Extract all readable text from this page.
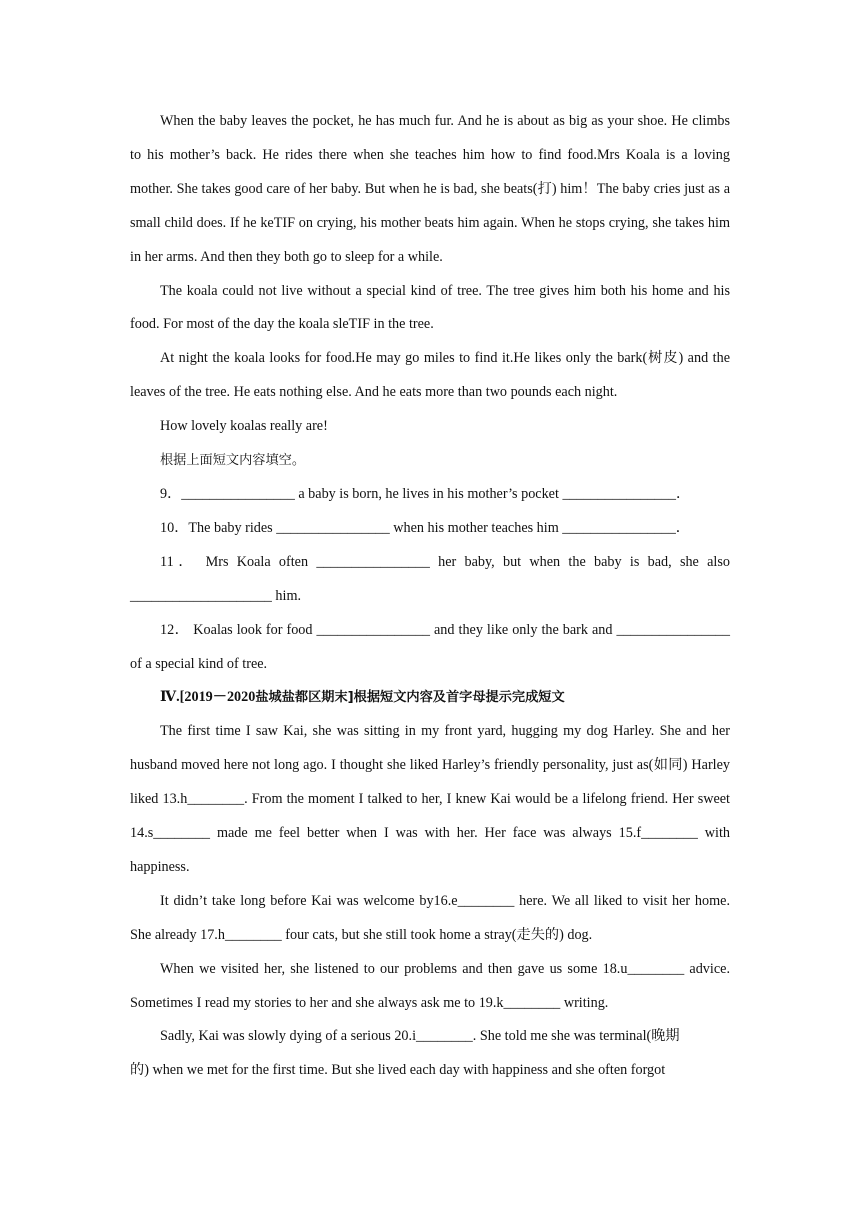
When the baby leaves the pocket, he has much fur. And he is about as big as your shoe. He climbs to his mother’s back. He rides there when she teaches him how to find food.Mrs Koala is a loving mother. She takes good care of her baby. But when he is bad, she beats(打) him！The baby cries just as a small child does. If he keTIF on crying, his mother beats him again. When he stops crying, she takes him in her arms. And then they both go to sleep for a while.

The koala could not live without a special kind of tree. The tree gives him both his home and his food. For most of the day the koala sleTIF in the tree.

At night the koala looks for food.He may go miles to find it.He likes only the bark(树皮) and the leaves of the tree. He eats nothing else. And he eats more than two pounds each night.

How lovely koalas really are!

根据上面短文内容填空。

9．________________ a baby is born, he lives in his mother’s pocket ________________．

10．The baby rides ________________ when his mother teaches him ________________．

11． Mrs Koala often ________________ her baby, but when the baby is bad, she also ____________________ him.

12． Koalas look for food ________________ and they like only the bark and ________________ of a special kind of tree.

Ⅳ.[2019－2020盐城盐都区期末]根据短文内容及首字母提示完成短文

The first time I saw Kai, she was sitting in my front yard, hugging my dog Harley. She and her husband moved here not long ago. I thought she liked Harley’s friendly personality, just as(如同) Harley liked 13.h________. From the moment I talked to her, I knew Kai would be a lifelong friend. Her sweet 14.s________ made me feel better when I was with her. Her face was always 15.f________ with happiness.

It didn’t take long before Kai was welcome by16.e________ here. We all liked to visit her home. She already 17.h________ four cats, but she still took home a stray(走失的) dog.

When we visited her, she listened to our problems and then gave us some 18.u________ advice. Sometimes I read my stories to her and she always ask me to 19.k________ writing.

Sadly, Kai was slowly dying of a serious 20.i________. She told me she was terminal(晚期
的) when we met for the first time. But she lived each day with happiness and she often forgot
